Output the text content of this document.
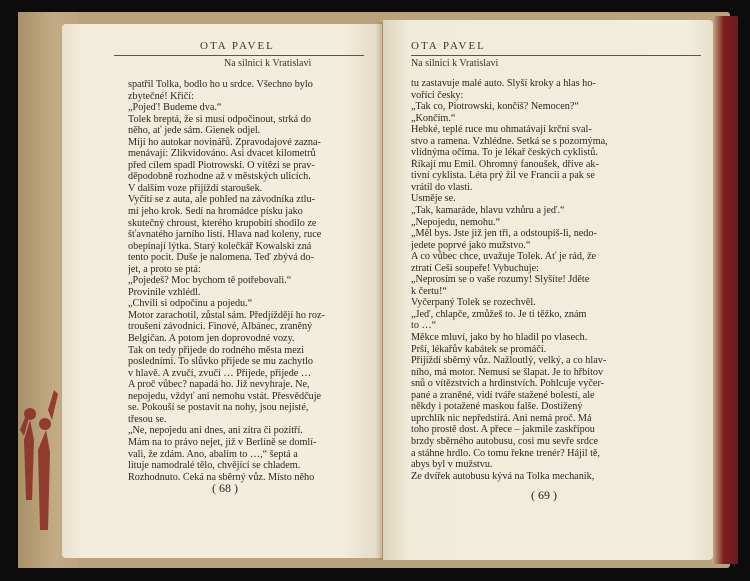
OTA PAVEL
Na silnici k Vratislavi
spatřil Tolka, bodlo ho u srdce. Všechno bylo
zbytečné! Křičí:
„Pojeď! Budeme dva.“
Tolek breptá, že si musí odpočinout, strká do
něho, ať jede sám. Gienek odjel.
Míjí ho autokar novinářů. Zpravodajové zazna-
menávají: Zlikvidováno. Asi dvacet kilometrů
před cílem spadl Piotrowski. O vítězi se prav-
děpodobně rozhodne až v městských ulicích.
V dalším voze přijíždí staroušek.
Vyčítí se z auta, ale pohled na závodníka ztlu-
mí jeho krok. Sedí na hromádce písku jako
skutečný chroust, kterého krupobití shodilo ze
šťavnatého jarního listí. Hlava nad koleny, ruce
obepínají lýtka. Starý kolečkář Kowalski zná
tento pocit. Duše je nalomena. Teď zbývá do-
jet, a proto se ptá:
„Pojedeš? Moc bychom tě potřebovali.“
Provinile vzhlédl.
„Chvíli si odpočinu a pojedu.“
Motor zarachotil, zůstal sám. Předjíždějí ho roz-
troušení závodníci. Finové, Albánec, zraněný
Belgičan. A potom jen doprovodné vozy.
Tak on tedy přijede do rodného města mezi
posledními. To slůvko přijede se mu zachytlo
v hlavě. A zvučí, zvučí … Přijede, přijede …
A proč vůbec? napadá ho. Již nevyhraje. Ne,
nepojedu, vždyť ani nemohu vstát. Přesvědčuje
se. Pokouší se postavit na nohy, jsou nejisté,
třesou se.
„Ne, nepojedu ani dnes, ani zítra či pozítří.
Mám na to právo nejet, již v Berlíně se domlí-
vali, že zdám. Ano, abalím to …,“ šeptá a
lituje namodralé tělo, chvějící se chladem.
Rozhodnuto. Čeká na sběrný vůz. Místo něho
( 68 )
OTA PAVEL
Na silnici k Vratislavi
tu zastavuje malé auto. Slyší kroky a hlas ho-
voříci česky:
„Tak co, Piotrowski, končíš? Nemocen?“
„Končím.“
Hebké, teplé ruce mu ohmatávají krční sval-
stvo a ramena. Vzhlédne. Setká se s pozornýma,
vlídnýma očima. To je lékař českých cyklistů.
Říkají mu Emil. Ohromný fanoušek, dříve ak-
tivní cyklista. Léta prý žil ve Francii a pak se
vrátil do vlasti.
Usměje se.
„Tak, kamaráde, hlavu vzhůru a jeď.“
„Nepojedu, nemohu.“
„Měl bys. Jste již jen tři, a odstoupíš-li, nedo-
jedete poprvé jako mužstvo.“
A co vůbec chce, uvažuje Tolek. Ať je rád, že
ztratí Češi soupeře! Vybuchuje:
„Neprosím se o vaše rozumy! Slyšíte! Jděte
k čertu!“
Vyčerpaný Tolek se rozechvěl.
„Jeď, chlapče, zmůžeš to. Je ti těžko, znám
to …“
Měkce mluví, jako by ho hladil po vlasech.
Prší, lékařův kabátek se promáčí.
Přijíždí sběrný vůz. Nažloutlý, velký, a co hlav-
ního, má motor. Nemusí se šlapat. Je to hřbitov
snů o vítězstvích a hrdinstvích. Pohlcuje vyčer-
pané a zraněné, vidí tváře stažené bolestí, ale
někdy i potažené maskou falše. Dostižený
uprchlík nic nepředstírá. Ani nemá proč. Má
toho prostě dost. A přece – jakmile zaskřípou
brzdy sběrného autobusu, cosi mu sevře srdce
a stáhne hrdlo. Co tomu řekne trenér? Hájil tě,
abys byl v mužstvu.
Ze dvířek autobusu kývá na Tolka mechanik,
( 69 )
